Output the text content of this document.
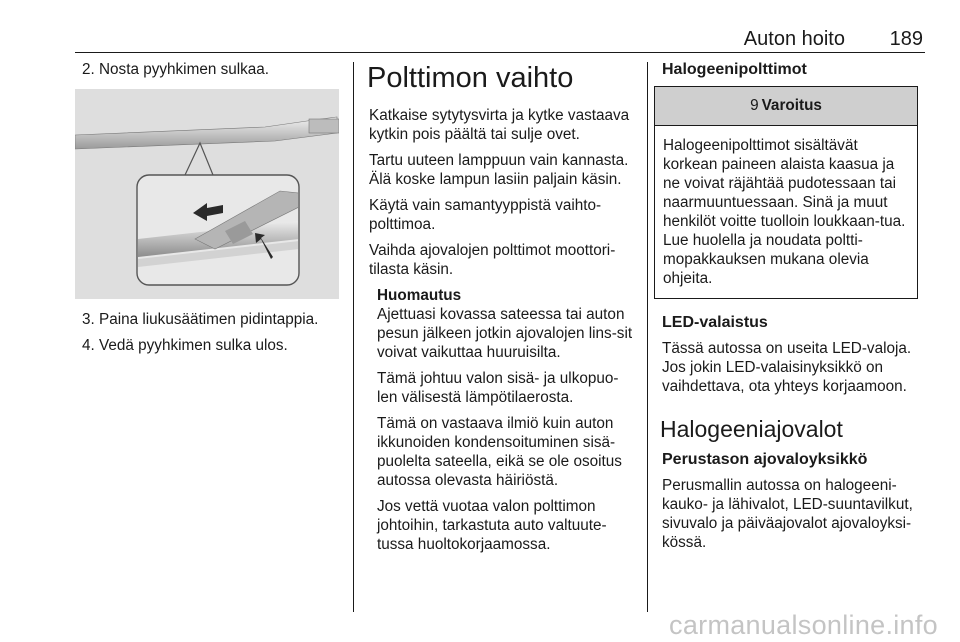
Auton hoito 189
2. Nosta pyyhkimen sulkaa.
3. Paina liukusäätimen pidintappia.
4. Vedä pyyhkimen sulka ulos.
Polttimon vaihto

Katkaise sytytysvirta ja kytke vastaava kytkin pois päältä tai sulje ovet.

Tartu uuteen lamppuun vain kannasta. Älä koske lampun lasiin paljain käsin.

Käytä vain samantyyppistä vaihto-polttimoa.

Vaihda ajovalojen polttimot moottori-tilasta käsin.

Huomautus

Ajettuasi kovassa sateessa tai auton pesun jälkeen jotkin ajovalojen lins-sit voivat vaikuttaa huuruisilta.

Tämä johtuu valon sisä- ja ulkopuo-len välisestä lämpötilaerosta.

Tämä on vastaava ilmiö kuin auton ikkunoiden kondensoituminen sisä-puolelta sateella, eikä se ole osoitus autossa olevasta häiriöstä.

Jos vettä vuotaa valon polttimon johtoihin, tarkastuta auto valtuute-tussa huoltokorjaamossa.

Halogeenipolttimot
9 Varoitus
Halogeenipolttimot sisältävät korkean paineen alaista kaasua ja ne voivat räjähtää pudotessaan tai naarmuuntuessaan. Sinä ja muut henkilöt voitte tuolloin loukkaan-tua. Lue huolella ja noudata poltti-mopakkauksen mukana olevia ohjeita.
LED-valaistus

Tässä autossa on useita LED-valoja. Jos jokin LED-valaisinyksikkö on vaihdettava, ota yhteys korjaamoon.

Halogeeniajovalot
Perustason ajovaloyksikkö

Perusmallin autossa on halogeeni-kauko- ja lähivalot, LED-suuntavilkut, sivuvalo ja päiväajovalot ajovaloyksi-kössä.

carmanualsonline.info
